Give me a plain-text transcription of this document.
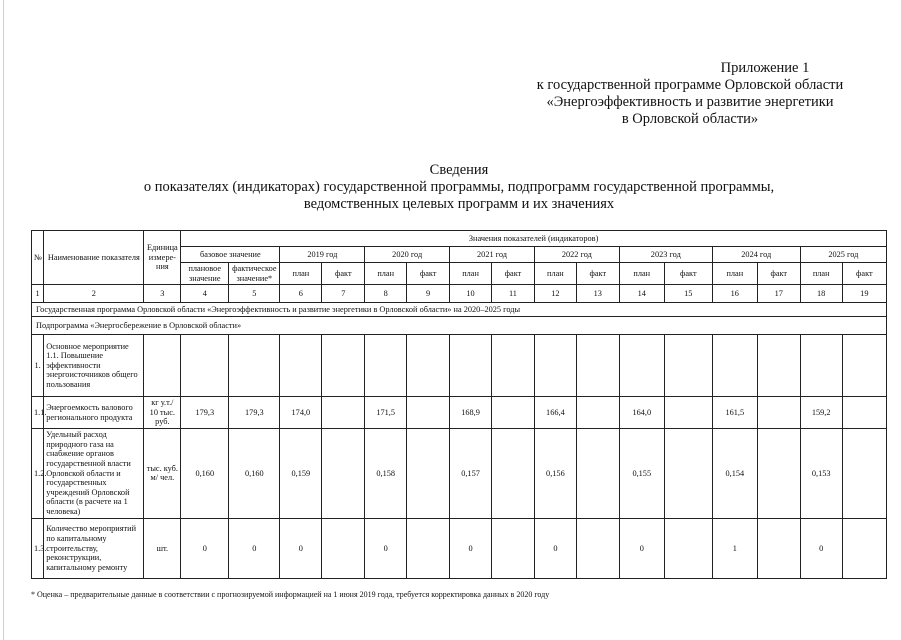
Приложение 1
к государственной программе Орловской области
«Энергоэффективность и развитие энергетики
в Орловской области»
Сведения
о показателях (индикаторах) государственной программы, подпрограмм государственной программы,
ведомственных целевых программ и их значениях
№	Наименование показателя	Единица измере-ния	Значения показателей (индикаторов)															
			базовое значение		2019 год		2020 год		2021 год		2022 год		2023 год		2024 год		2025 год	
			плановое значение	фактическое значение*	план	факт	план	факт	план	факт	план	факт	план	факт	план	факт	план	факт
1	2	3	4	5	6	7	8	9	10	11	12	13	14	15	16	17	18	19
Государственная программа Орловской области «Энергоэффективность и развитие энергетики в Орловской области» на 2020–2025 годы																		
Подпрограмма «Энергосбережение в Орловской области»																		
1.	Основное мероприятие 1.1. Повышение эффективности энергоисточников общего пользования																	
1.1.	Энергоемкость валового регионального продукта	кг у.т./ 10 тыс. руб.	179,3	179,3	174,0		171,5		168,9		166,4		164,0		161,5		159,2	
1.2.	Удельный расход природного газа на снабжение органов государственной власти Орловской области и государственных учреждений Орловской области (в расчете на 1 человека)	тыс. куб. м/ чел.	0,160	0,160	0,159		0,158		0,157		0,156		0,155		0,154		0,153	
1.3.	Количество мероприятий по капитальному строительству, реконструкции, капитальному ремонту	шт.	0	0	0		0		0		0		0		1		0	
* Оценка – предварительные данные в соответствии с прогнозируемой информацией на 1 июня 2019 года, требуется корректировка данных в 2020 году
